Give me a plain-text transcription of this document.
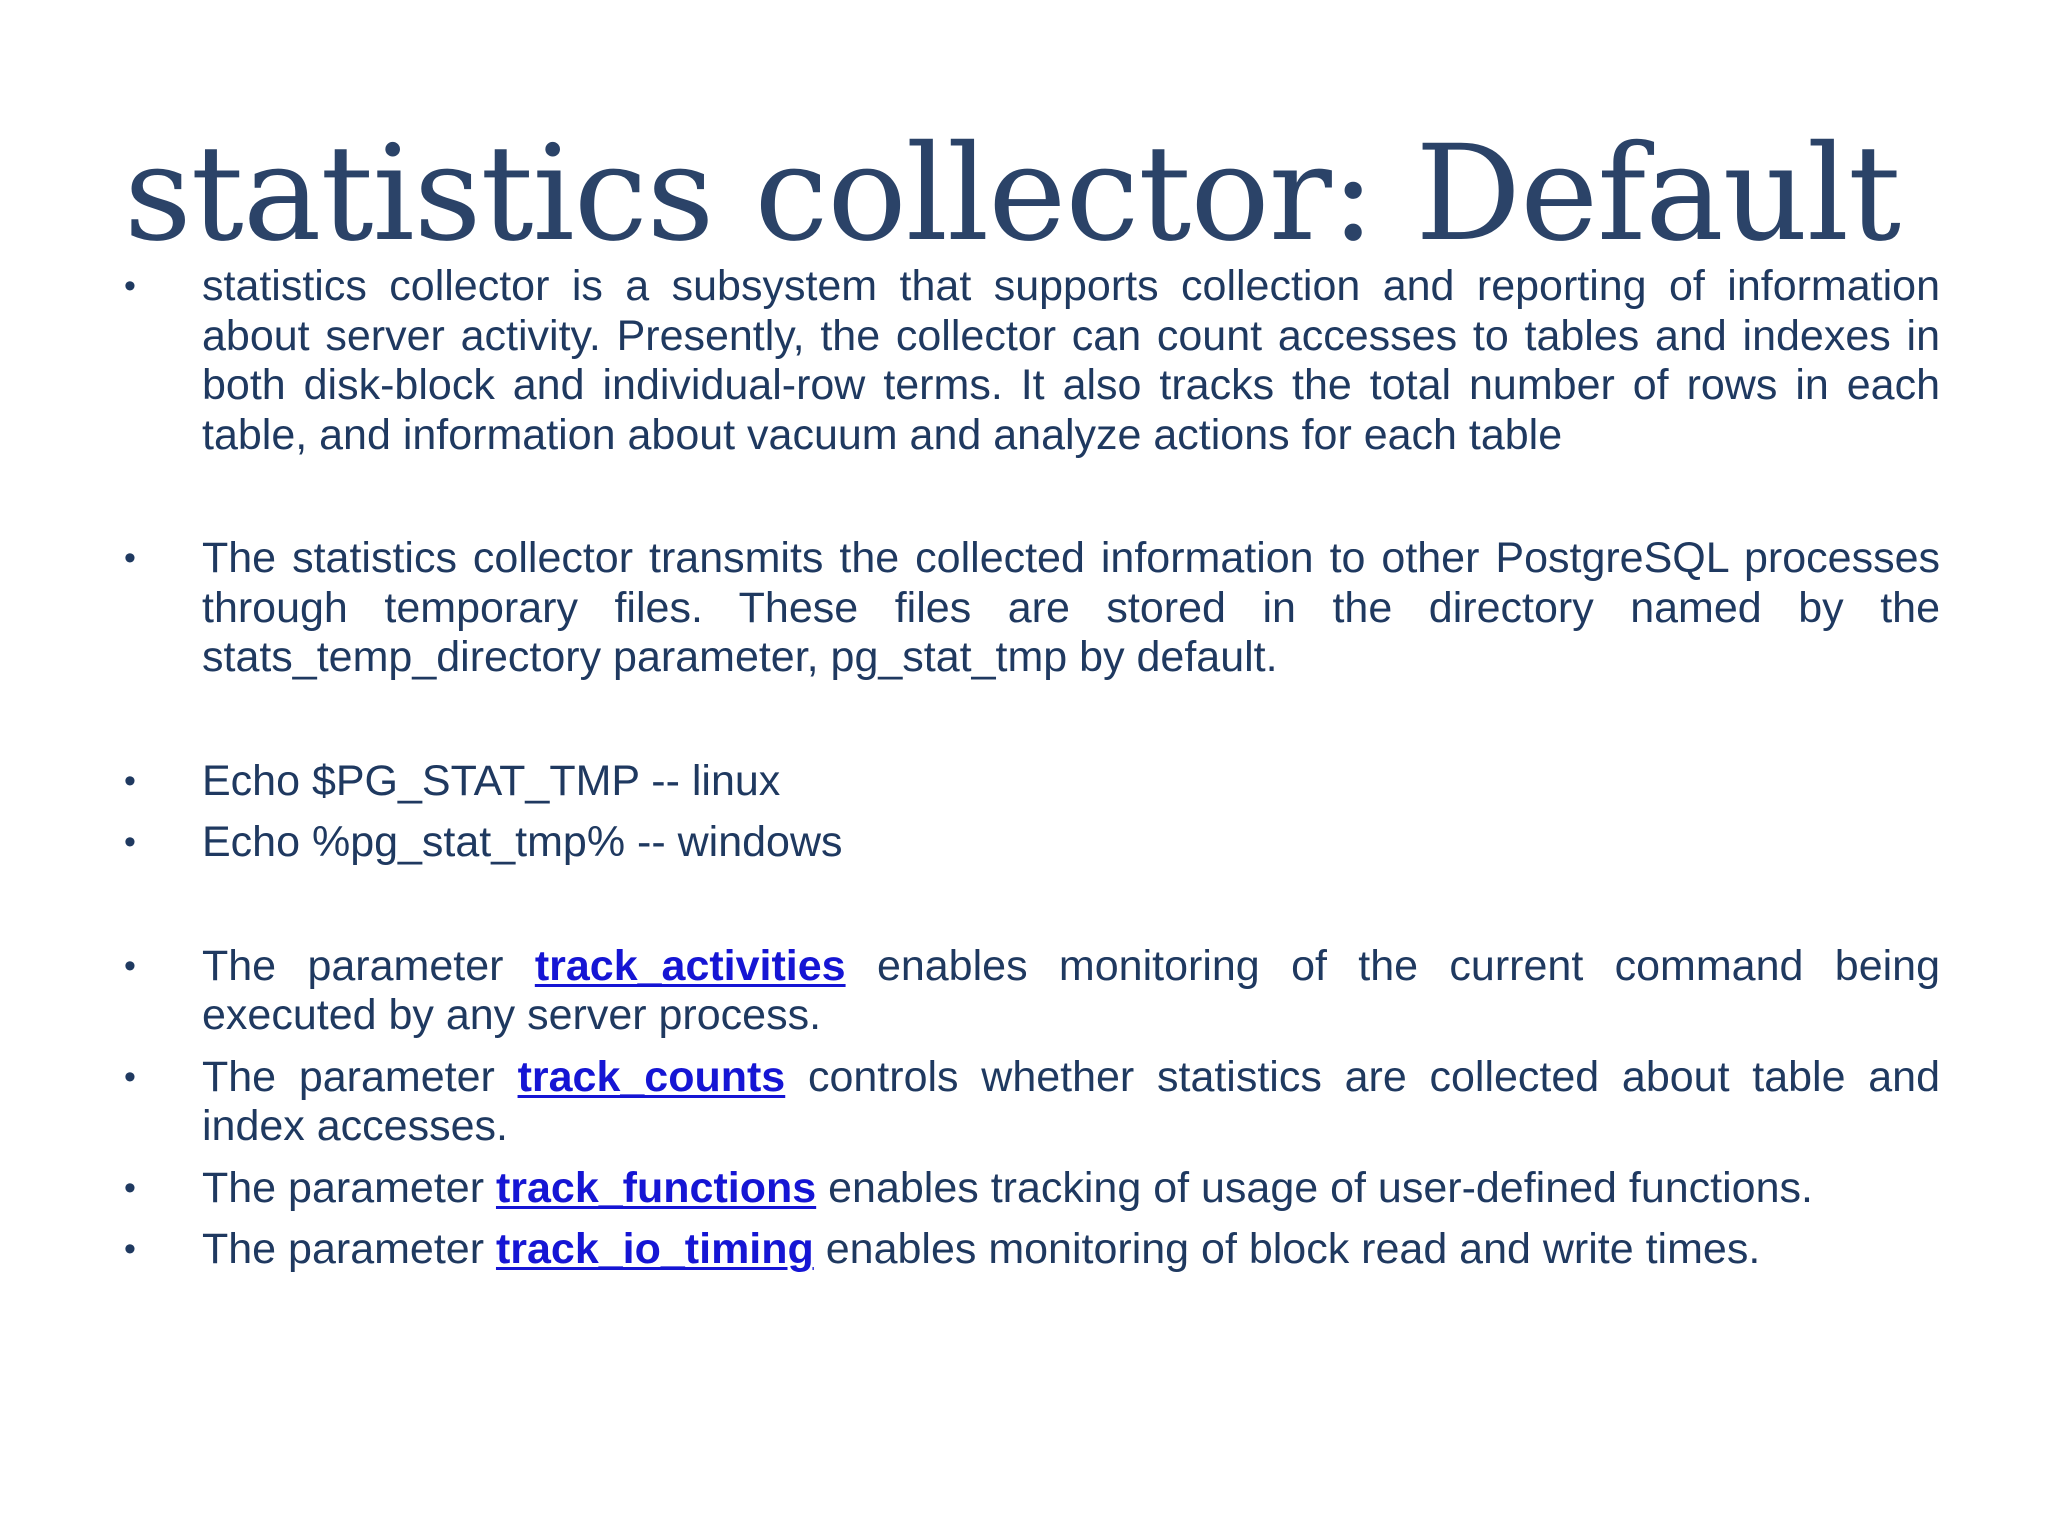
statistics collector: Default
•	statistics collector is a subsystem that supports collection and reporting of information about server activity. Presently, the collector can count accesses to tables and indexes in both disk-block and individual-row terms. It also tracks the total number of rows in each table, and information about vacuum and analyze actions for each table
•	The statistics collector transmits the collected information to other PostgreSQL processes through temporary files. These files are stored in the directory named by the stats_temp_directory parameter, pg_stat_tmp by default.
•	Echo $PG_STAT_TMP -- linux
•	Echo %pg_stat_tmp% -- windows
•	The parameter track_activities enables monitoring of the current command being executed by any server process.
•	The parameter track_counts controls whether statistics are collected about table and index accesses.
•	The parameter track_functions enables tracking of usage of user-defined functions.
•	The parameter track_io_timing enables monitoring of block read and write times.
